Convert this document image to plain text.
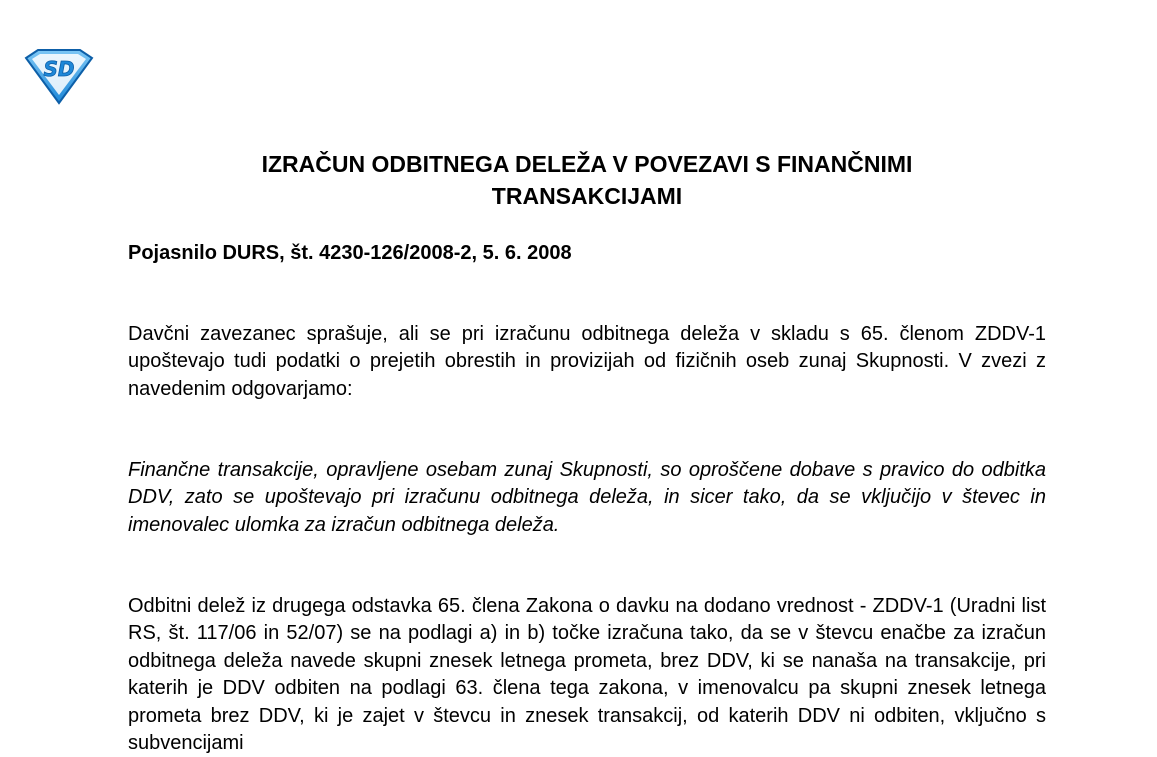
SD
IZRAČUN ODBITNEGA DELEŽA V POVEZAVI S FINANČNIMI
TRANSAKCIJAMI

Pojasnilo DURS, št. 4230-126/2008-2, 5. 6. 2008

Davčni zavezanec sprašuje, ali se pri izračunu odbitnega deleža v skladu s 65. členom ZDDV-1 upoštevajo tudi podatki o prejetih obrestih in provizijah od fizičnih oseb zunaj Skupnosti. V zvezi z navedenim odgovarjamo:

Finančne transakcije, opravljene osebam zunaj Skupnosti, so oproščene dobave s pravico do odbitka DDV, zato se upoštevajo pri izračunu odbitnega deleža, in sicer tako, da se vključijo v števec in imenovalec ulomka za izračun odbitnega deleža.

Odbitni delež iz drugega odstavka 65. člena Zakona o davku na dodano vrednost - ZDDV-1 (Uradni list RS, št. 117/06 in 52/07) se na podlagi a) in b) točke izračuna tako, da se v števcu enačbe za izračun odbitnega deleža navede skupni znesek letnega prometa, brez DDV, ki se nanaša na transakcije, pri katerih je DDV odbiten na podlagi 63. člena tega zakona, v imenovalcu pa skupni znesek letnega prometa brez DDV, ki je zajet v števcu in znesek transakcij, od katerih DDV ni odbiten, vključno s subvencijami
